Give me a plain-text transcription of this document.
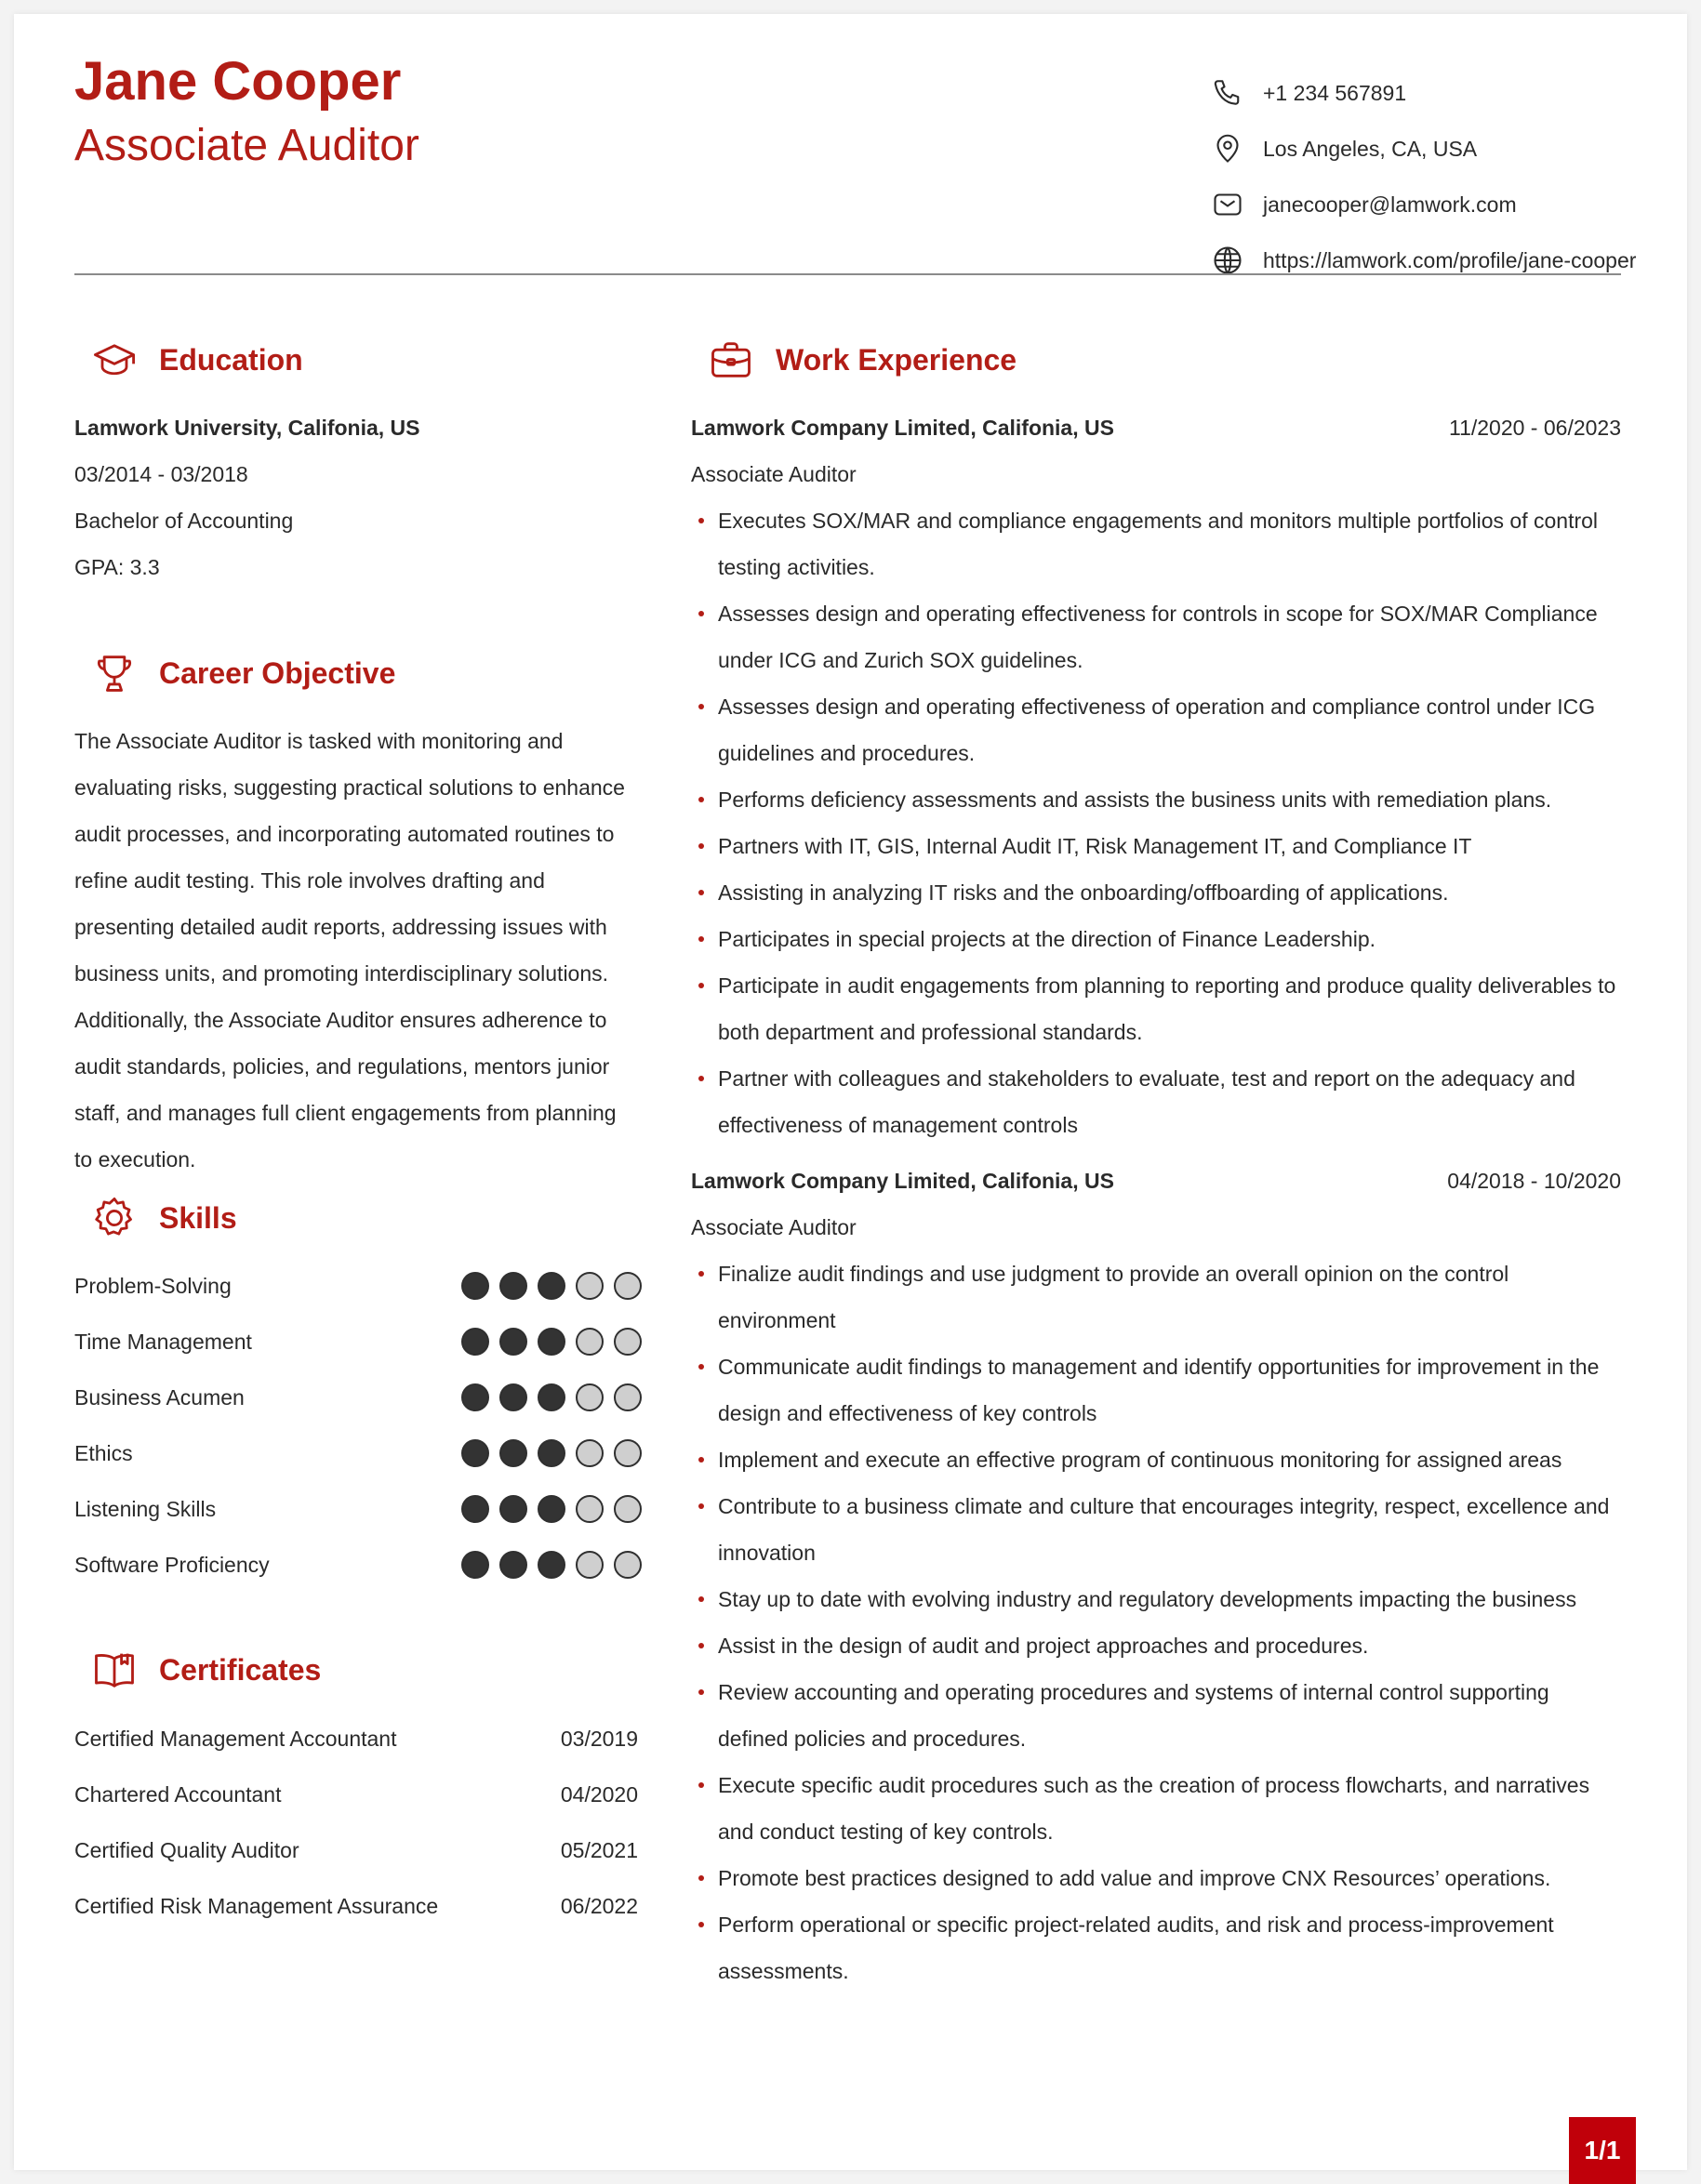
Jane Cooper
Associate Auditor
+1 234 567891
Los Angeles, CA, USA
janecooper@lamwork.com
https://lamwork.com/profile/jane-cooper
Education
Lamwork University, Califonia, US
03/2014 - 03/2018
Bachelor of Accounting
GPA: 3.3
Career Objective
The Associate Auditor is tasked with monitoring and evaluating risks, suggesting practical solutions to enhance audit processes, and incorporating automated routines to refine audit testing. This role involves drafting and presenting detailed audit reports, addressing issues with business units, and promoting interdisciplinary solutions. Additionally, the Associate Auditor ensures adherence to audit standards, policies, and regulations, mentors junior staff, and manages full client engagements from planning to execution.
Skills
Problem-Solving
Time Management
Business Acumen
Ethics
Listening Skills
Software Proficiency
Certificates
Certified Management Accountant	03/2019
Chartered Accountant	04/2020
Certified Quality Auditor	05/2021
Certified Risk Management Assurance	06/2022
Work Experience
Lamwork Company Limited, Califonia, US	11/2020 - 06/2023
Associate Auditor
Executes SOX/MAR and compliance engagements and monitors multiple portfolios of control testing activities.
Assesses design and operating effectiveness for controls in scope for SOX/MAR Compliance under ICG and Zurich SOX guidelines.
Assesses design and operating effectiveness of operation and compliance control under ICG guidelines and procedures.
Performs deficiency assessments and assists the business units with remediation plans.
Partners with IT, GIS, Internal Audit IT, Risk Management IT, and Compliance IT
Assisting in analyzing IT risks and the onboarding/offboarding of applications.
Participates in special projects at the direction of Finance Leadership.
Participate in audit engagements from planning to reporting and produce quality deliverables to both department and professional standards.
Partner with colleagues and stakeholders to evaluate, test and report on the adequacy and effectiveness of management controls
Lamwork Company Limited, Califonia, US	04/2018 - 10/2020
Associate Auditor
Finalize audit findings and use judgment to provide an overall opinion on the control environment
Communicate audit findings to management and identify opportunities for improvement in the design and effectiveness of key controls
Implement and execute an effective program of continuous monitoring for assigned areas
Contribute to a business climate and culture that encourages integrity, respect, excellence and innovation
Stay up to date with evolving industry and regulatory developments impacting the business
Assist in the design of audit and project approaches and procedures.
Review accounting and operating procedures and systems of internal control supporting defined policies and procedures.
Execute specific audit procedures such as the creation of process flowcharts, and narratives and conduct testing of key controls.
Promote best practices designed to add value and improve CNX Resources’ operations.
Perform operational or specific project-related audits, and risk and process-improvement assessments.
1/1
